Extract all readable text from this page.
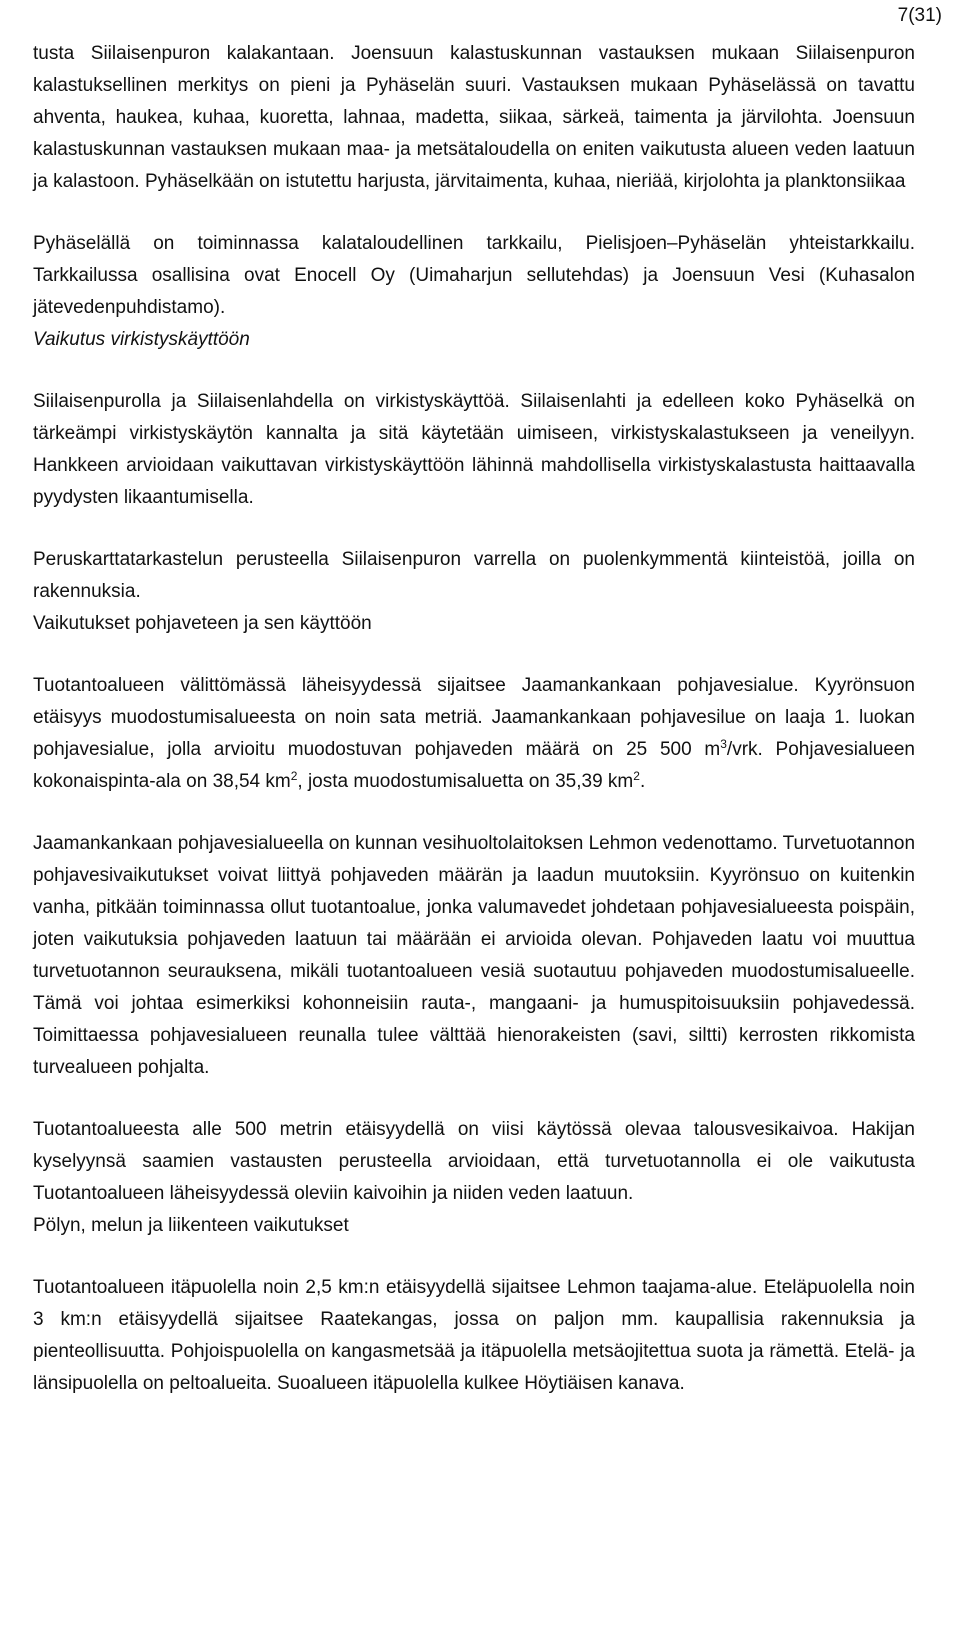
7(31)

tusta Siilaisenpuron kalakantaan. Joensuun kalastuskunnan vastauksen mukaan Siilaisenpuron kalastuksellinen merkitys on pieni ja Pyhäselän suuri. Vastauksen mukaan Pyhäselässä on tavattu ahventa, haukea, kuhaa, kuoretta, lahnaa, madetta, siikaa, särkeä, taimenta ja järvilohta. Joensuun kalastuskunnan vastauksen mukaan maa- ja metsätaloudella on eniten vaikutusta alueen veden laatuun ja kalastoon. Pyhäselkään on istutettu harjusta, järvitaimenta, kuhaa, nieriää, kirjolohta ja planktonsiikaa

Pyhäselällä on toiminnassa kalataloudellinen tarkkailu, Pielisjoen–Pyhäselän yhteistarkkailu. Tarkkailussa osallisina ovat Enocell Oy (Uimaharjun sellutehdas) ja Joensuun Vesi (Kuhasalon jätevedenpuhdistamo).

Vaikutus virkistyskäyttöön

Siilaisenpurolla ja Siilaisenlahdella on virkistyskäyttöä. Siilaisenlahti ja edelleen koko Pyhäselkä on tärkeämpi virkistyskäytön kannalta ja sitä käytetään uimiseen, virkistyskalastukseen ja veneilyyn. Hankkeen arvioidaan vaikuttavan virkistyskäyttöön lähinnä mahdollisella virkistyskalastusta haittaavalla pyydysten likaantumisella.

Peruskarttatarkastelun perusteella Siilaisenpuron varrella on puolenkymmentä kiinteistöä, joilla on rakennuksia.

Vaikutukset pohjaveteen ja sen käyttöön

Tuotantoalueen välittömässä läheisyydessä sijaitsee Jaamankankaan pohjavesialue. Kyyrönsuon etäisyys muodostumisalueesta on noin sata metriä. Jaamankankaan pohjavesilue on laaja 1. luokan pohjavesialue, jolla arvioitu muodostuvan pohjaveden määrä on 25 500 $m^3$/vrk. Pohjavesialueen kokonaispinta-ala on 38,54 $km^2$, josta muodostumisaluetta on 35,39 $km^2$.

Jaamankankaan pohjavesialueella on kunnan vesihuoltolaitoksen Lehmon vedenottamo. Turvetuotannon pohjavesivaikutukset voivat liittyä pohjaveden määrän ja laadun muutoksiin. Kyyrönsuo on kuitenkin vanha, pitkään toiminnassa ollut tuotantoalue, jonka valumavedet johdetaan pohjavesialueesta poispäin, joten vaikutuksia pohjaveden laatuun tai määrään ei arvioida olevan. Pohjaveden laatu voi muuttua turvetuotannon seurauksena, mikäli tuotantoalueen vesiä suotautuu pohjaveden muodostumisalueelle. Tämä voi johtaa esimerkiksi kohonneisiin rauta-, mangaani- ja humuspitoisuuksiin pohjavedessä. Toimittaessa pohjavesialueen reunalla tulee välttää hienorakeisten (savi, siltti) kerrosten rikkomista turvealueen pohjalta.

Tuotantoalueesta alle 500 metrin etäisyydellä on viisi käytössä olevaa talousvesikaivoa. Hakijan kyselyynsä saamien vastausten perusteella arvioidaan, että turvetuotannolla ei ole vaikutusta Tuotantoalueen läheisyydessä oleviin kaivoihin ja niiden veden laatuun.

Pölyn, melun ja liikenteen vaikutukset

Tuotantoalueen itäpuolella noin 2,5 km:n etäisyydellä sijaitsee Lehmon taajama-alue. Eteläpuolella noin 3 km:n etäisyydellä sijaitsee Raatekangas, jossa on paljon mm. kaupallisia rakennuksia ja pienteollisuutta. Pohjoispuolella on kangasmetsää ja itäpuolella metsäojitettua suota ja rämettä. Etelä- ja länsipuolella on peltoalueita. Suoalueen itäpuolella kulkee Höytiäisen kanava.
